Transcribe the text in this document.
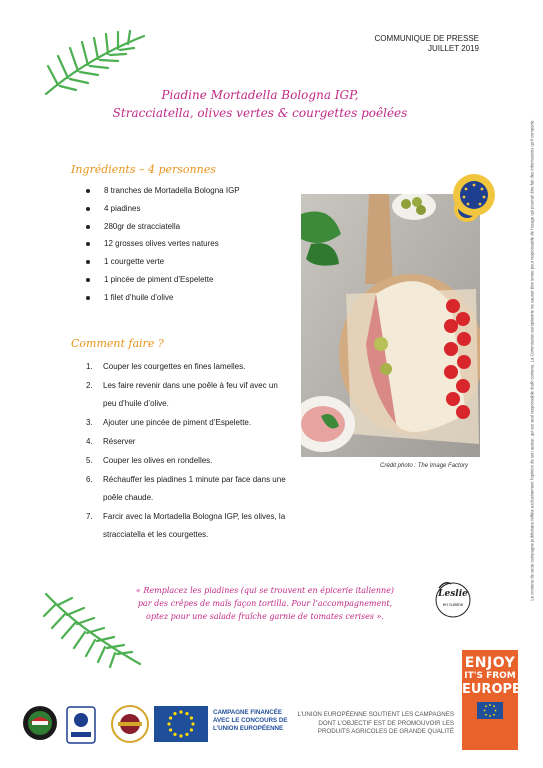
COMMUNIQUE DE PRESSE
JUILLET 2019
Le contenu de cette campagne publicitaire reflète exclusivement l'opinion de son auteur, qui est seul responsable dudit contenu. La Commission européenne ne saurait être tenue pour responsable de l'usage qui pourrait être fait des informations qu'il comporte.
Piadine Mortadella Bologna IGP,
Stracciatella, olives vertes & courgettes poêlées
Ingrédients – 4 personnes
8 tranches de Mortadella Bologna IGP
4 piadines
280gr de stracciatella
12 grosses olives vertes natures
1 courgette verte
1 pincée de piment d’Espelette
1 filet d’huile d’olive
Comment faire ?
1. Couper les courgettes en fines lamelles.
2. Les faire revenir dans une poêle à feu vif avec un peu d’huile d’olive.
3. Ajouter une pincée de piment d’Espelette.
4. Réserver
5. Couper les olives en rondelles.
6. Réchauffer les piadines 1 minute par face dans une poêle chaude.
7. Farcir avec la Mortadella Bologna IGP, les olives, la stracciatella et les courgettes.
Crédit photo : The Image Factory
« Remplacez les piadines (qui se trouvent en épicerie italienne)
par des crêpes de maïs façon tortilla. Pour l’accompagnement,
optez pour une salade fraîche garnie de tomates cerises ».
Leslie
en cuisine
ENJOY
IT'S FROM
EUROPE
CAMPAGNE FINANCÉE
AVEC LE CONCOURS DE
L’UNION EUROPÉENNE
L’UNION EUROPÉENNE SOUTIENT LES CAMPAGNES
DONT L’OBJECTIF EST DE PROMOUVOIR LES
PRODUITS AGRICOLES DE GRANDE QUALITÉ
